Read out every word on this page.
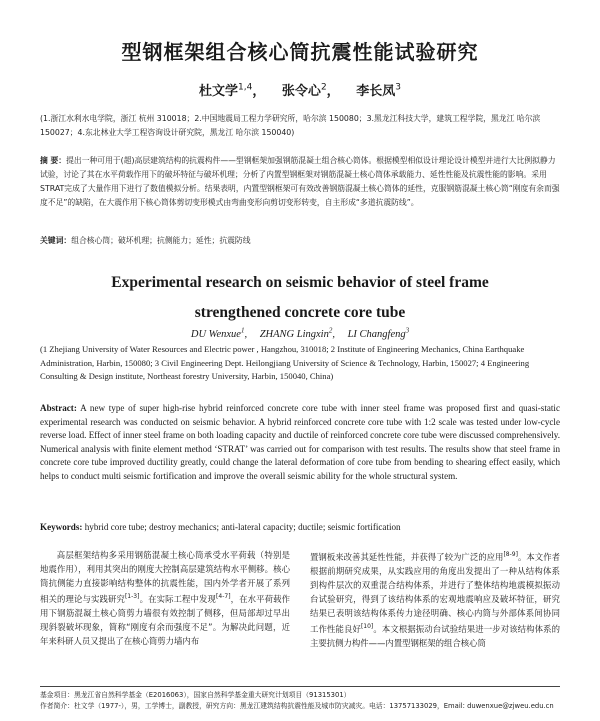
型钢框架组合核心筒抗震性能试验研究
杜文学$^{1,4}$， 张令心$^2$， 李长凤$^3$
(1.浙江水利水电学院，浙江 杭州 310018；2.中国地震局工程力学研究所，哈尔滨 150080；3.黑龙江科技大学，建筑工程学院，黑龙江 哈尔滨 150027；4.东北林业大学工程咨询设计研究院，黑龙江 哈尔滨 150040)
摘 要：提出一种可用于(超)高层建筑结构的抗震构件——型钢框架加强钢筋混凝土组合核心筒体。根据模型相似设计理论设计模型并进行大比例拟静力试验，讨论了其在水平荷载作用下的破坏特征与破坏机理；分析了内置型钢框架对钢筋混凝土核心筒体承载能力、延性性能及抗震性能的影响。采用STRAT完成了大量作用下进行了数值模拟分析。结果表明，内置型钢框架可有效改善钢筋混凝土核心筒体的延性，克服钢筋混凝土核心筒“刚度有余而强度不足”的缺陷，在大震作用下核心筒体剪切变形模式由弯曲变形向剪切变形转变，自主形成“多道抗震防线”。
关键词：组合核心筒；破坏机理；抗侧能力；延性；抗震防线
Experimental research on seismic behavior of steel frame
strengthened concrete core tube
DU Wenxue$^1$, ZHANG Lingxin$^2$, LI Changfeng$^3$
(1 Zhejiang University of Water Resources and Electric power , Hangzhou, 310018; 2 Institute of Engineering Mechanics, China Earthquake Administration, Harbin, 150080; 3 Civil Engineering Dept. Heilongjiang University of Science & Technology, Harbin, 150027; 4 Engineering Consulting & Design institute, Northeast forestry University, Harbin, 150040, China)
Abstract: A new type of super high-rise hybrid reinforced concrete core tube with inner steel frame was proposed first and quasi-static experimental research was conducted on seismic behavior. A hybrid reinforced concrete core tube with 1:2 scale was tested under low-cycle reverse load. Effect of inner steel frame on both loading capacity and ductile of reinforced concrete core tube were discussed comprehensively. Numerical analysis with finite element method ‘STRAT’ was carried out for comparison with test results. The results show that steel frame in concrete core tube improved ductility greatly, could change the lateral deformation of core tube from bending to shearing effect easily, which helps to conduct multi seismic fortification and improve the overall seismic ability for the whole structural system.
Keywords: hybrid core tube; destroy mechanics; anti-lateral capacity; ductile; seismic fortification
高层框架结构多采用钢筋混凝土核心筒承受水平荷载（特别是地震作用），利用其突出的刚度大控制高层建筑结构水平侧移。核心筒抗侧能力直接影响结构整体的抗震性能，国内外学者开展了系列相关的理论与实践研究[1-3]。在实际工程中发现[4-7]，在水平荷载作用下钢筋混凝土核心筒剪力墙很有效控制了侧移，但局部却过早出现斜裂破坏现象，简称“刚度有余而强度不足”。为解决此问题，近年来科研人员又提出了在核心筒剪力墙内布
置钢板来改善其延性性能，并获得了较为广泛的应用[8-9]。本文作者根据前期研究成果，从实践应用的角度出发提出了一种从结构体系到构件层次的双重混合结构体系，并进行了整体结构地震模拟振动台试验研究，得到了该结构体系的宏观地震响应及破坏特征，研究结果已表明该结构体系传力途径明确、核心内筒与外部体系间协同工作性能良好[10]。本文根据振动台试验结果进一步对该结构体系的主要抗侧力构件——内置型钢框架的组合核心筒
基金项目：黑龙江省自然科学基金（E2016063），国家自然科学基金重大研究计划项目（91315301）
作者简介：杜文学（1977-），男，工学博士，副教授，研究方向：黑龙江建筑结构抗震性能及城市防灾减灾。电话：13757133029，Email: duwenxue@zjweu.edu.cn
